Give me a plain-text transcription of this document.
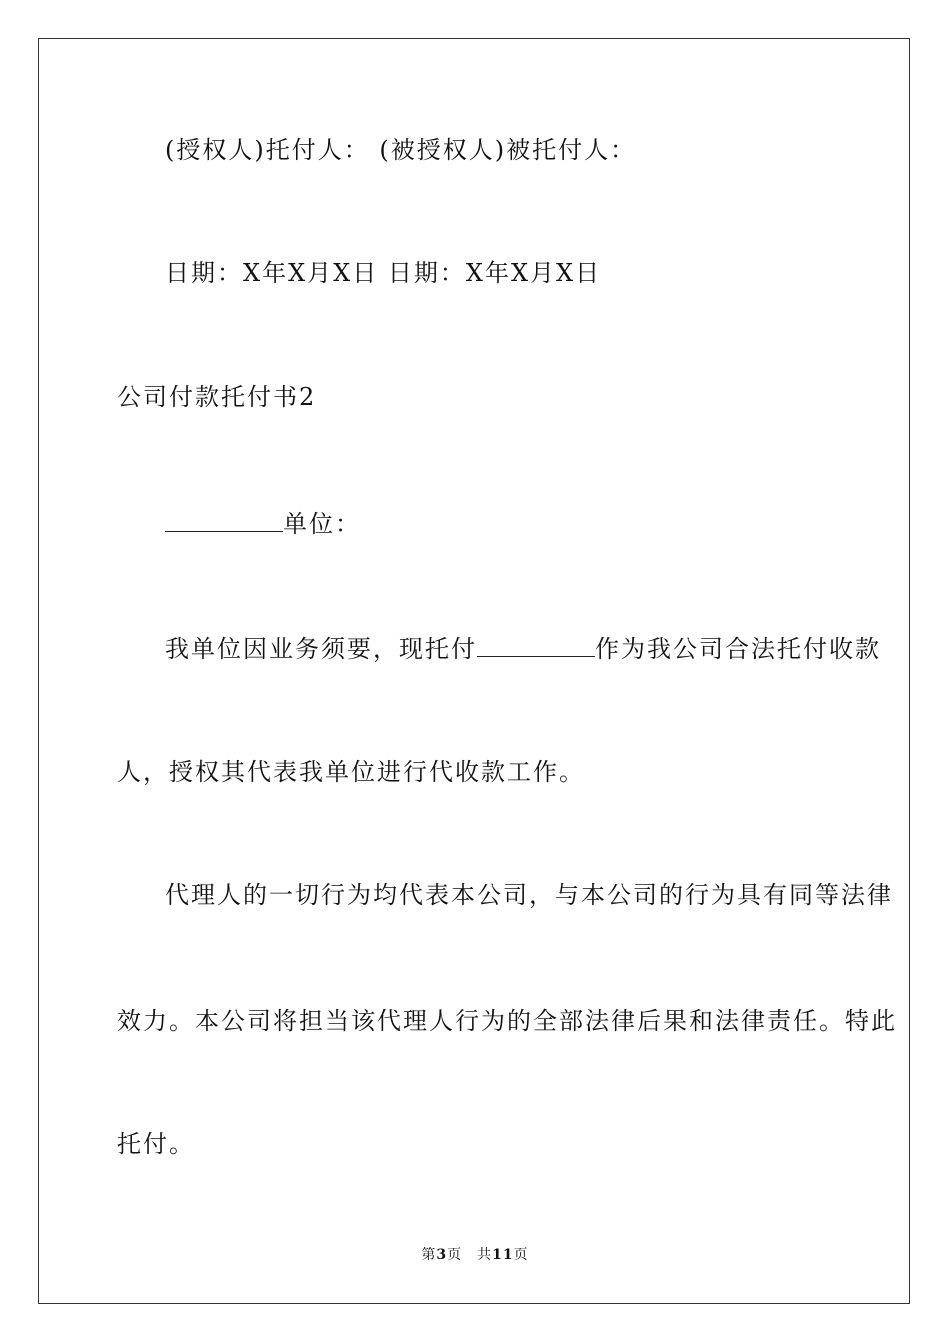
(授权人)托付人： (被授权人)被托付人：
日期：X年X月X日 日期：X年X月X日
公司付款托付书2
单位：
我单位因业务须要，现托付	作为我公司合法托付收款
人，授权其代表我单位进行代收款工作。
代理人的一切行为均代表本公司，与本公司的行为具有同等法律
效力。本公司将担当该代理人行为的全部法律后果和法律责任。特此
托付。
第3页　共11页
